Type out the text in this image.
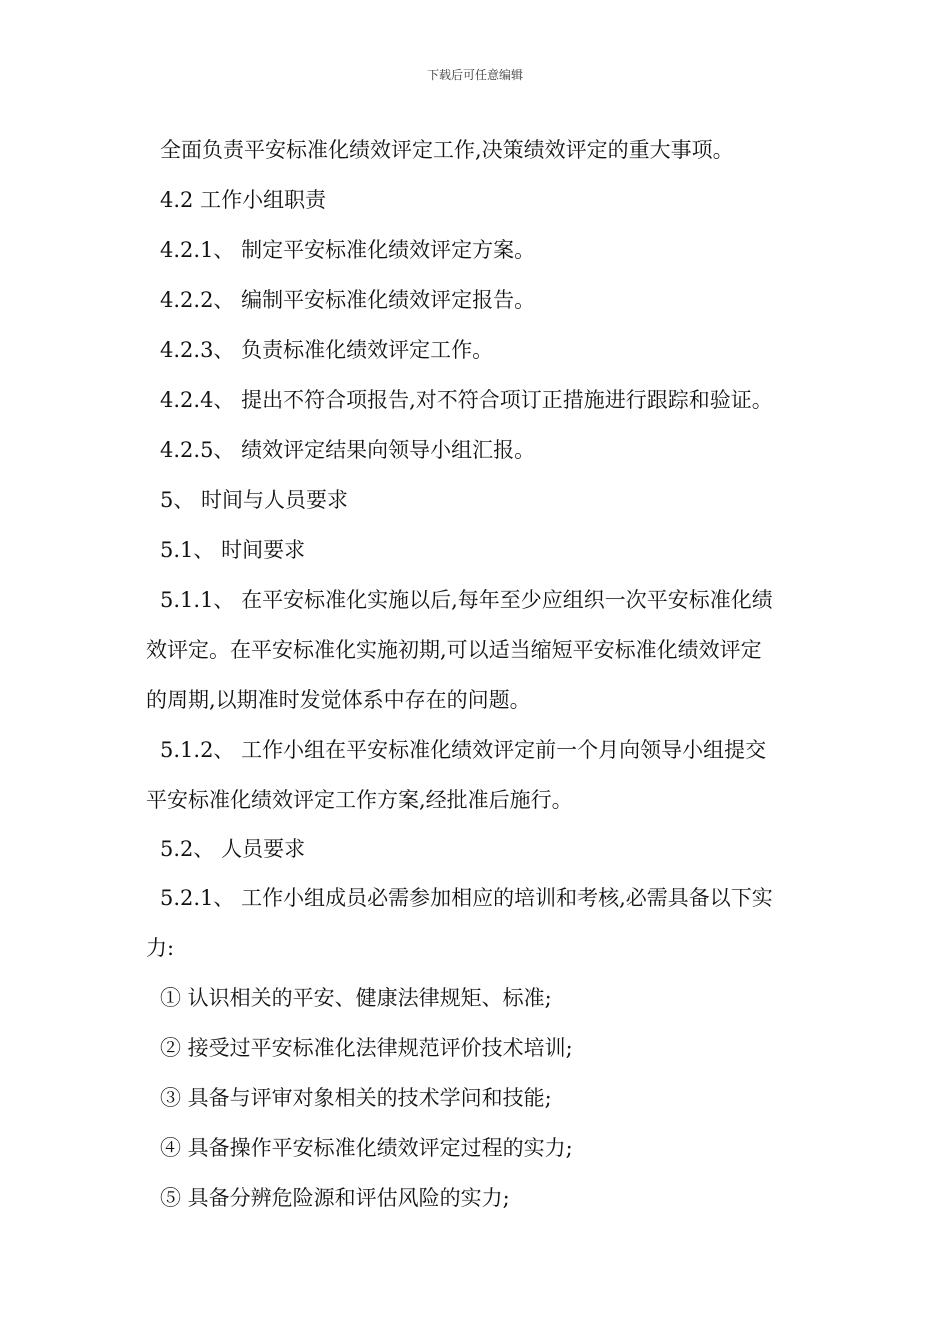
下载后可任意编辑
全面负责平安标准化绩效评定工作,决策绩效评定的重大事项。
4.2 工作小组职责
4.2.1、 制定平安标准化绩效评定方案。
4.2.2、 编制平安标准化绩效评定报告。
4.2.3、 负责标准化绩效评定工作。
4.2.4、 提出不符合项报告,对不符合项订正措施进行跟踪和验证。
4.2.5、 绩效评定结果向领导小组汇报。
5、 时间与人员要求
5.1、 时间要求
5.1.1、 在平安标准化实施以后,每年至少应组织一次平安标准化绩
效评定。在平安标准化实施初期,可以适当缩短平安标准化绩效评定
的周期,以期准时发觉体系中存在的问题。
5.1.2、 工作小组在平安标准化绩效评定前一个月向领导小组提交
平安标准化绩效评定工作方案,经批准后施行。
5.2、 人员要求
5.2.1、 工作小组成员必需参加相应的培训和考核,必需具备以下实
力:
① 认识相关的平安、健康法律规矩、标准;
② 接受过平安标准化法律规范评价技术培训;
③ 具备与评审对象相关的技术学问和技能;
④ 具备操作平安标准化绩效评定过程的实力;
⑤ 具备分辨危险源和评估风险的实力;
